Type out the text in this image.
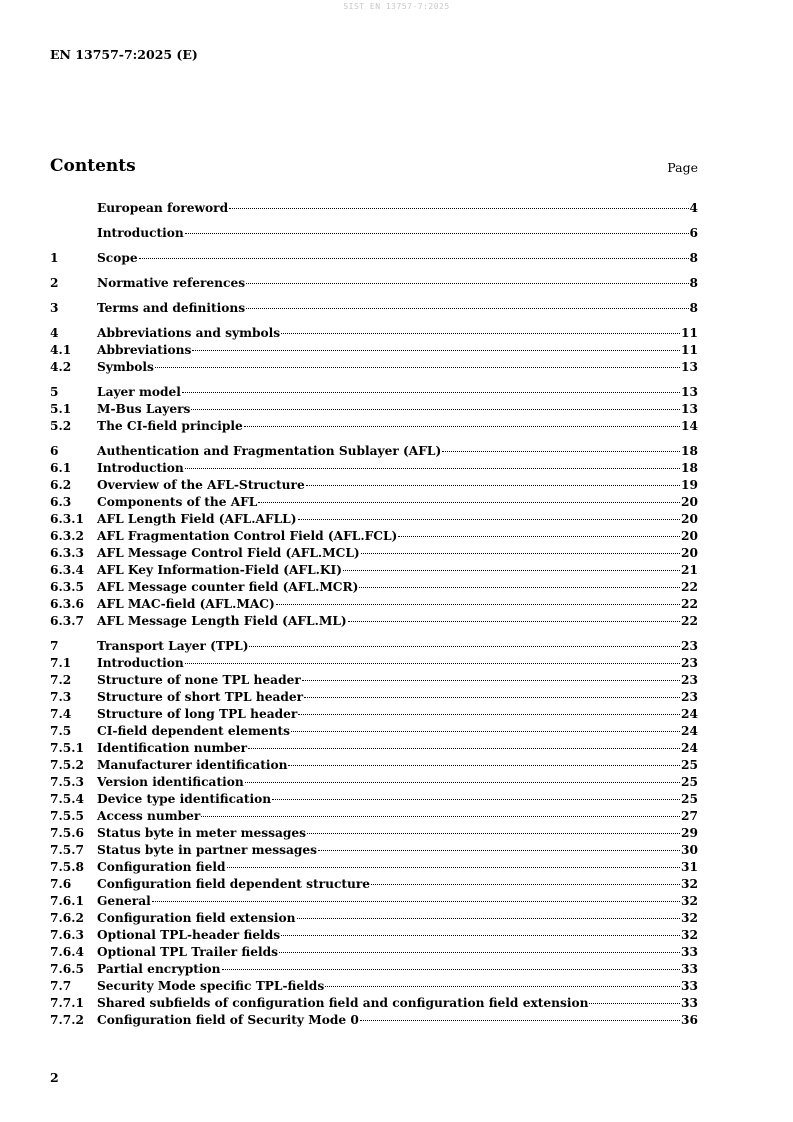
SIST EN 13757-7:2025
EN 13757-7:2025 (E)
Contents	Page
European foreword	4
Introduction	6
1	Scope	8
2	Normative references	8
3	Terms and definitions	8
4	Abbreviations and symbols	11
4.1	Abbreviations	11
4.2	Symbols	13
5	Layer model	13
5.1	M-Bus Layers	13
5.2	The CI-field principle	14
6	Authentication and Fragmentation Sublayer (AFL)	18
6.1	Introduction	18
6.2	Overview of the AFL-Structure	19
6.3	Components of the AFL	20
6.3.1	AFL Length Field (AFL.AFLL)	20
6.3.2	AFL Fragmentation Control Field (AFL.FCL)	20
6.3.3	AFL Message Control Field (AFL.MCL)	20
6.3.4	AFL Key Information-Field (AFL.KI)	21
6.3.5	AFL Message counter field (AFL.MCR)	22
6.3.6	AFL MAC-field (AFL.MAC)	22
6.3.7	AFL Message Length Field (AFL.ML)	22
7	Transport Layer (TPL)	23
7.1	Introduction	23
7.2	Structure of none TPL header	23
7.3	Structure of short TPL header	23
7.4	Structure of long TPL header	24
7.5	CI-field dependent elements	24
7.5.1	Identification number	24
7.5.2	Manufacturer identification	25
7.5.3	Version identification	25
7.5.4	Device type identification	25
7.5.5	Access number	27
7.5.6	Status byte in meter messages	29
7.5.7	Status byte in partner messages	30
7.5.8	Configuration field	31
7.6	Configuration field dependent structure	32
7.6.1	General	32
7.6.2	Configuration field extension	32
7.6.3	Optional TPL-header fields	32
7.6.4	Optional TPL Trailer fields	33
7.6.5	Partial encryption	33
7.7	Security Mode specific TPL-fields	33
7.7.1	Shared subfields of configuration field and configuration field extension	33
7.7.2	Configuration field of Security Mode 0	36
2
